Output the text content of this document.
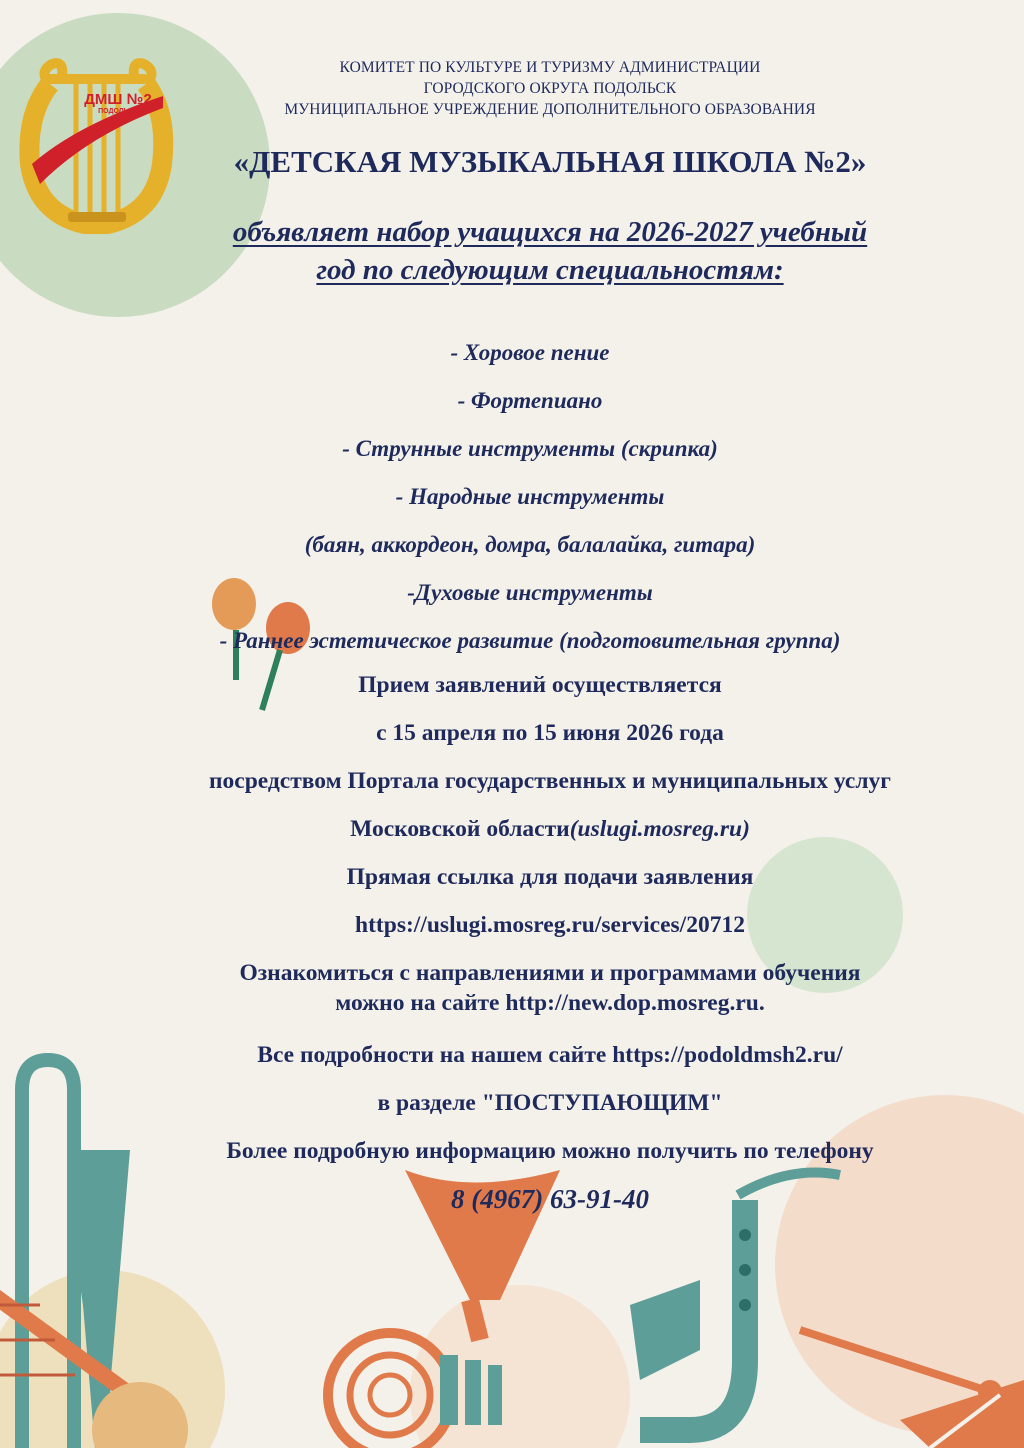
ДМШ №2
ПОДОЛЬСК
КОМИТЕТ ПО КУЛЬТУРЕ И ТУРИЗМУ АДМИНИСТРАЦИИ
ГОРОДСКОГО ОКРУГА ПОДОЛЬСК
МУНИЦИПАЛЬНОЕ УЧРЕЖДЕНИЕ ДОПОЛНИТЕЛЬНОГО ОБРАЗОВАНИЯ
«ДЕТСКАЯ МУЗЫКАЛЬНАЯ ШКОЛА №2»
объявляет набор учащихся на 2026-2027 учебный
год по следующим специальностям:
- Хоровое пение
- Фортепиано
- Струнные инструменты (скрипка)
- Народные инструменты
(баян, аккордеон, домра, балалайка, гитара)
-Духовые инструменты
- Раннее эстетическое развитие (подготовительная группа)
Прием заявлений осуществляется
с 15 апреля по 15 июня 2026 года
посредством Портала государственных и муниципальных услуг
Московской области(uslugi.mosreg.ru)
Прямая ссылка для подачи заявления
https://uslugi.mosreg.ru/services/20712
Ознакомиться с направлениями и программами обучения
можно на сайте http://new.dop.mosreg.ru.
Все подробности на нашем сайте https://podoldmsh2.ru/
в разделе "ПОСТУПАЮЩИМ"
Более подробную информацию можно получить по телефону
8 (4967) 63-91-40
